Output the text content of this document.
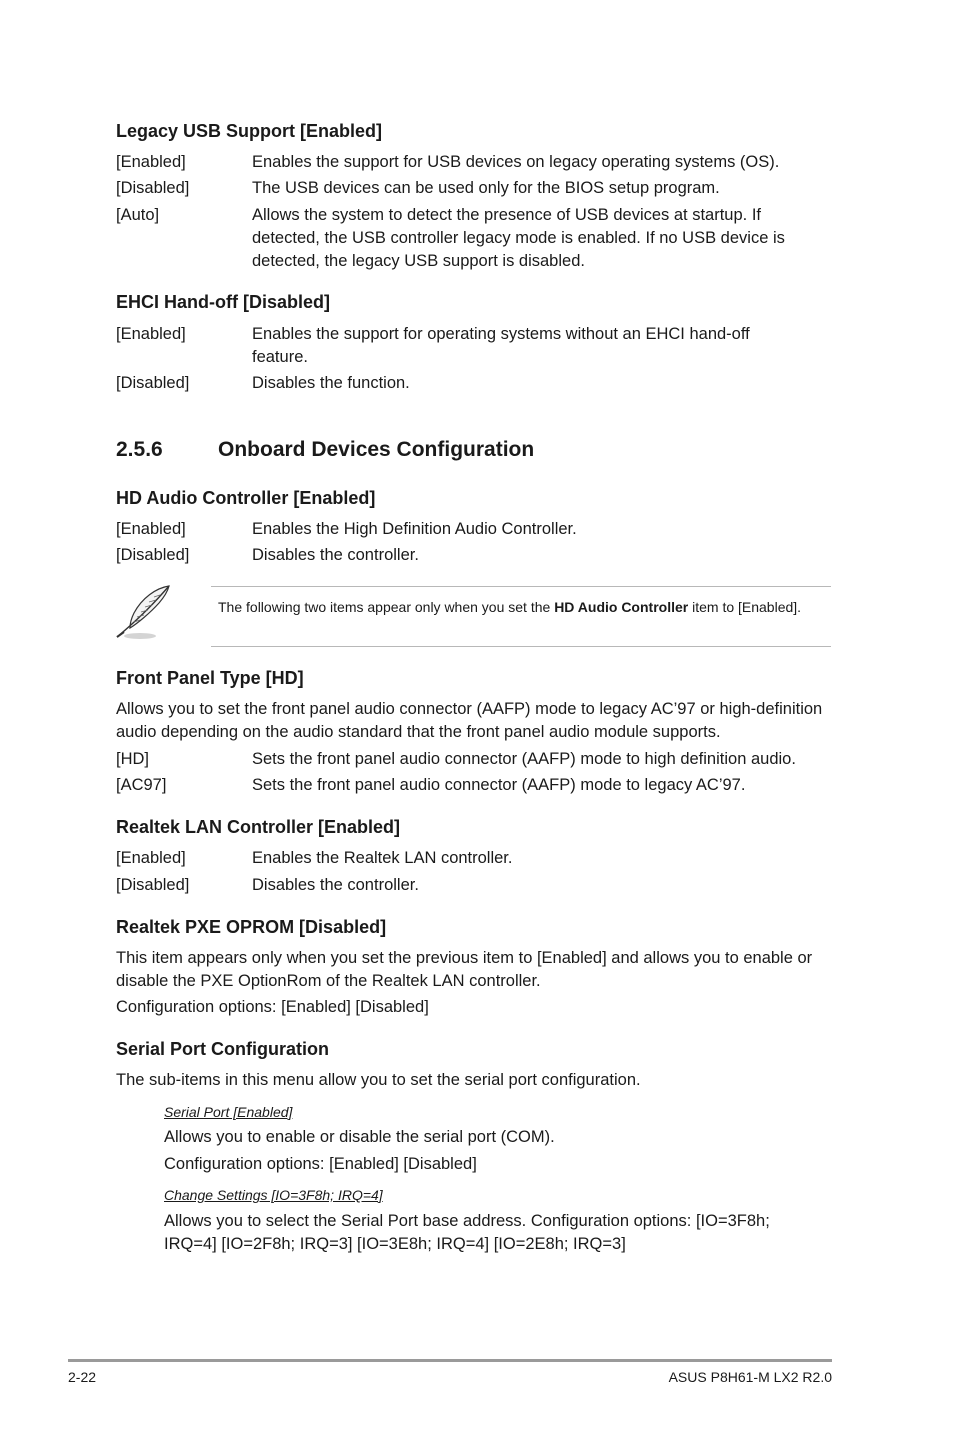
Legacy USB Support [Enabled]
[Enabled]	Enables the support for USB devices on legacy operating systems (OS).
[Disabled]	The USB devices can be used only for the BIOS setup program.
[Auto]	Allows the system to detect the presence of USB devices at startup. If detected, the USB controller legacy mode is enabled. If no USB device is detected, the legacy USB support is disabled.
EHCI Hand-off [Disabled]
[Enabled]	Enables the support for operating systems without an EHCI hand-off feature.
[Disabled]	Disables the function.
2.5.6	Onboard Devices Configuration
HD Audio Controller [Enabled]
[Enabled]	Enables the High Definition Audio Controller.
[Disabled]	Disables the controller.
The following two items appear only when you set the HD Audio Controller item to [Enabled].
Front Panel Type [HD]
Allows you to set the front panel audio connector (AAFP) mode to legacy AC’97 or high-definition audio depending on the audio standard that the front panel audio module supports.
[HD]	Sets the front panel audio connector (AAFP) mode to high definition audio.
[AC97]	Sets the front panel audio connector (AAFP) mode to legacy AC’97.
Realtek LAN Controller [Enabled]
[Enabled]	Enables the Realtek LAN controller.
[Disabled]	Disables the controller.
Realtek PXE OPROM [Disabled]
This item appears only when you set the previous item to [Enabled] and allows you to enable or disable the PXE OptionRom of the Realtek LAN controller.
Configuration options: [Enabled] [Disabled]
Serial Port Configuration
The sub-items in this menu allow you to set the serial port configuration.
Serial Port [Enabled]
Allows you to enable or disable the serial port (COM).
Configuration options: [Enabled] [Disabled]
Change Settings [IO=3F8h; IRQ=4]
Allows you to select the Serial Port base address. Configuration options: [IO=3F8h; IRQ=4] [IO=2F8h; IRQ=3] [IO=3E8h; IRQ=4] [IO=2E8h; IRQ=3]
2-22	ASUS P8H61-M LX2 R2.0
